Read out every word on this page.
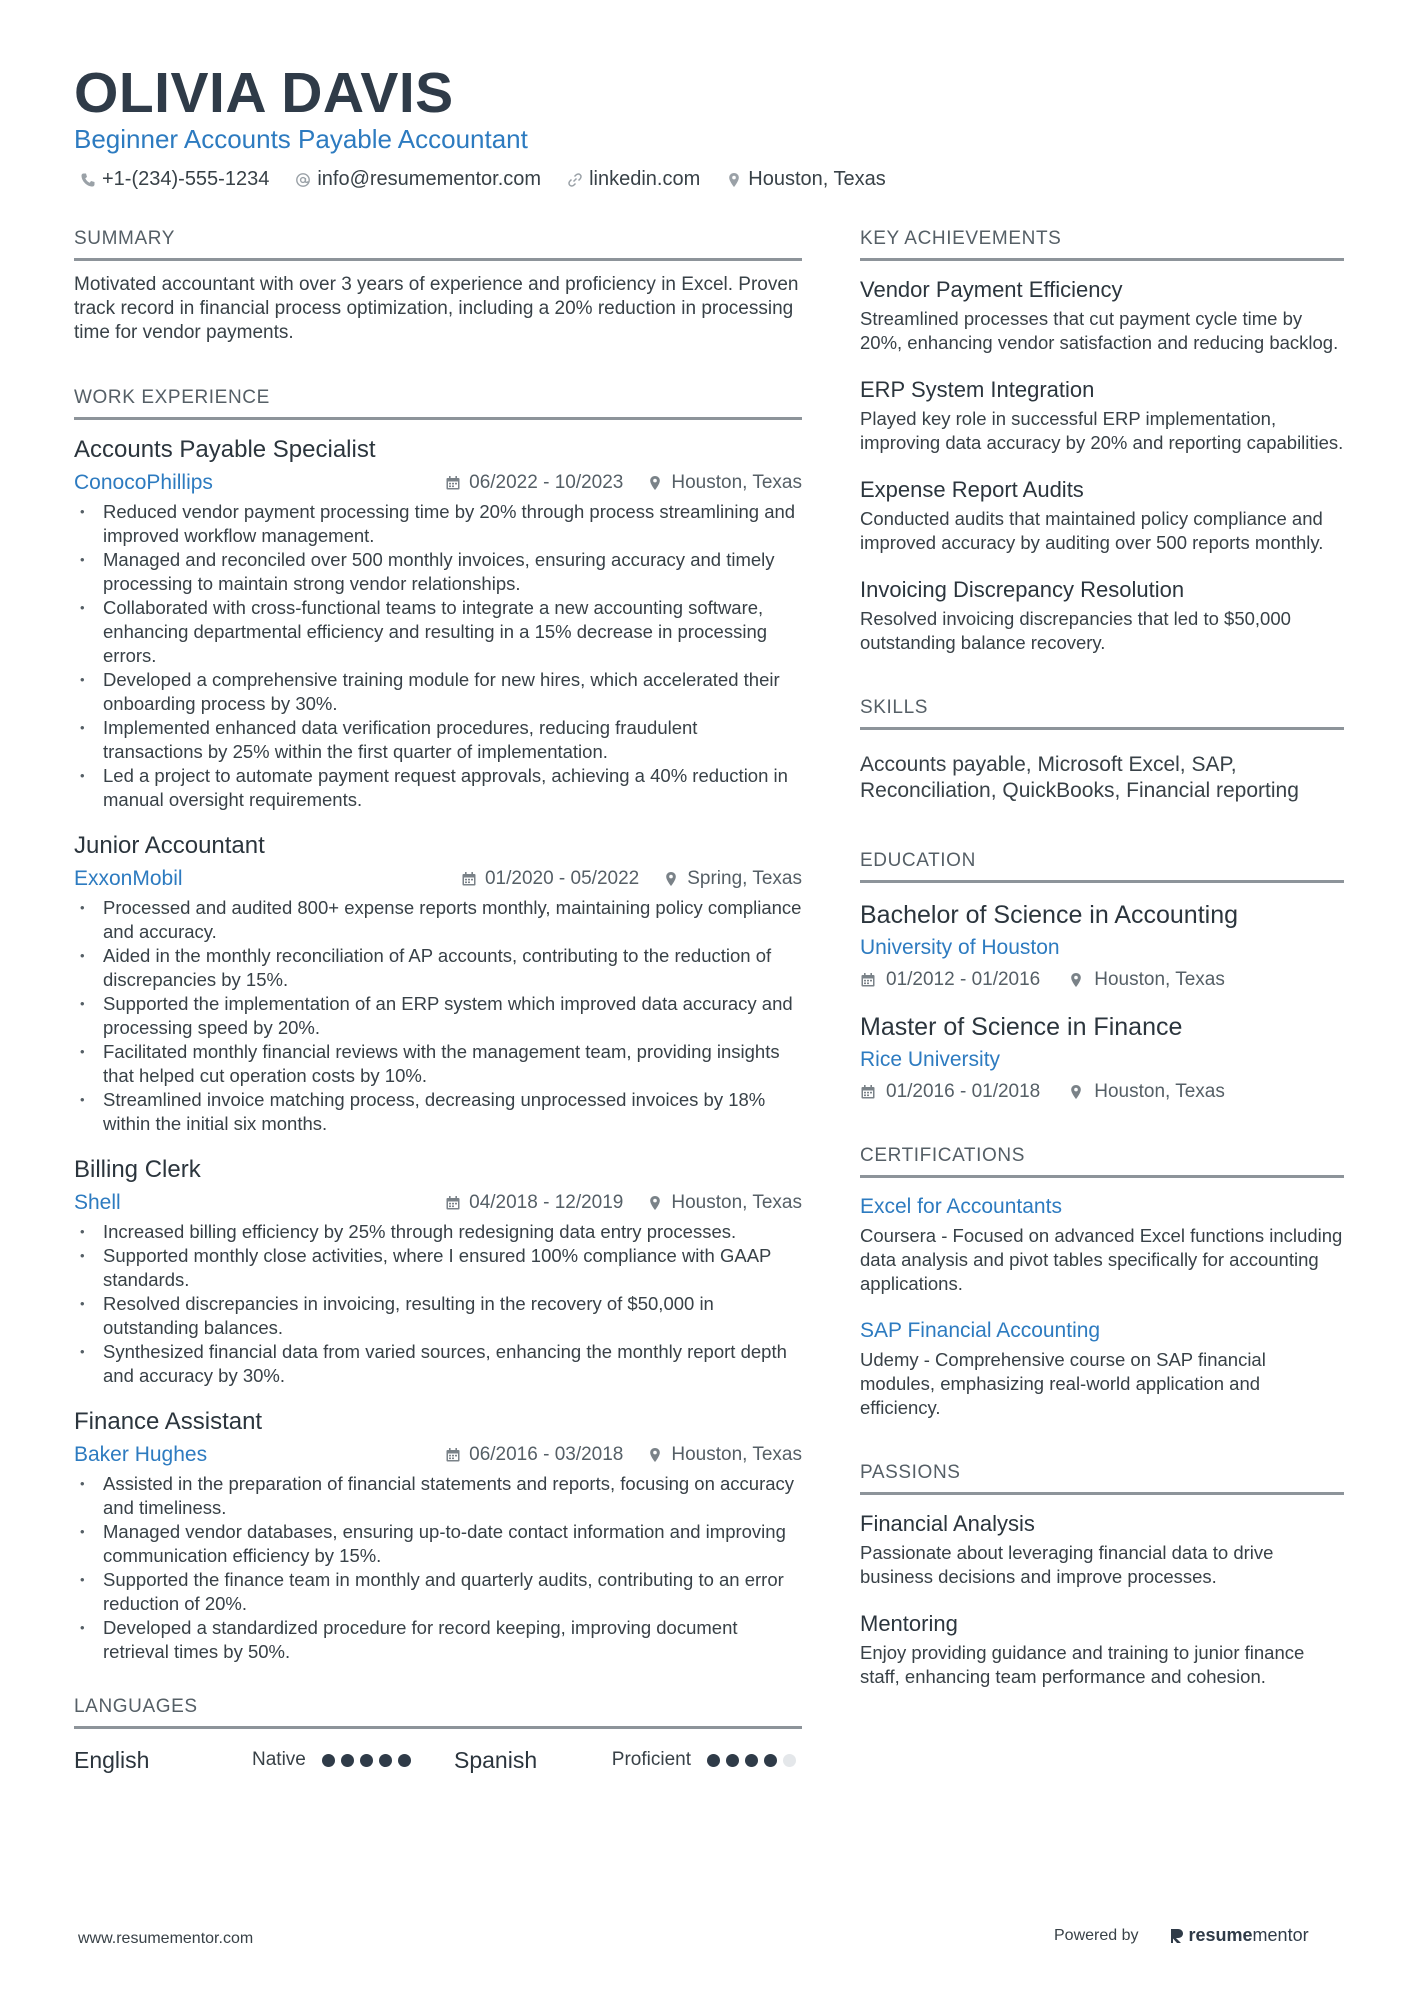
OLIVIA DAVIS
Beginner Accounts Payable Accountant
+1-(234)-555-1234 info@resumementor.com linkedin.com Houston, Texas
SUMMARY
Motivated accountant with over 3 years of experience and proficiency in Excel. Proven track record in financial process optimization, including a 20% reduction in processing time for vendor payments.
WORK EXPERIENCE
Accounts Payable Specialist
ConocoPhillips	06/2022 - 10/2023	Houston, Texas
• Reduced vendor payment processing time by 20% through process streamlining and improved workflow management.
• Managed and reconciled over 500 monthly invoices, ensuring accuracy and timely processing to maintain strong vendor relationships.
• Collaborated with cross-functional teams to integrate a new accounting software, enhancing departmental efficiency and resulting in a 15% decrease in processing errors.
• Developed a comprehensive training module for new hires, which accelerated their onboarding process by 30%.
• Implemented enhanced data verification procedures, reducing fraudulent transactions by 25% within the first quarter of implementation.
• Led a project to automate payment request approvals, achieving a 40% reduction in manual oversight requirements.
Junior Accountant
ExxonMobil	01/2020 - 05/2022	Spring, Texas
• Processed and audited 800+ expense reports monthly, maintaining policy compliance and accuracy.
• Aided in the monthly reconciliation of AP accounts, contributing to the reduction of discrepancies by 15%.
• Supported the implementation of an ERP system which improved data accuracy and processing speed by 20%.
• Facilitated monthly financial reviews with the management team, providing insights that helped cut operation costs by 10%.
• Streamlined invoice matching process, decreasing unprocessed invoices by 18% within the initial six months.
Billing Clerk
Shell	04/2018 - 12/2019	Houston, Texas
• Increased billing efficiency by 25% through redesigning data entry processes.
• Supported monthly close activities, where I ensured 100% compliance with GAAP standards.
• Resolved discrepancies in invoicing, resulting in the recovery of $50,000 in outstanding balances.
• Synthesized financial data from varied sources, enhancing the monthly report depth and accuracy by 30%.
Finance Assistant
Baker Hughes	06/2016 - 03/2018	Houston, Texas
• Assisted in the preparation of financial statements and reports, focusing on accuracy and timeliness.
• Managed vendor databases, ensuring up-to-date contact information and improving communication efficiency by 15%.
• Supported the finance team in monthly and quarterly audits, contributing to an error reduction of 20%.
• Developed a standardized procedure for record keeping, improving document retrieval times by 50%.
LANGUAGES
English	Native	Spanish	Proficient
KEY ACHIEVEMENTS
Vendor Payment Efficiency
Streamlined processes that cut payment cycle time by 20%, enhancing vendor satisfaction and reducing backlog.
ERP System Integration
Played key role in successful ERP implementation, improving data accuracy by 20% and reporting capabilities.
Expense Report Audits
Conducted audits that maintained policy compliance and improved accuracy by auditing over 500 reports monthly.
Invoicing Discrepancy Resolution
Resolved invoicing discrepancies that led to $50,000 outstanding balance recovery.
SKILLS
Accounts payable, Microsoft Excel, SAP, Reconciliation, QuickBooks, Financial reporting
EDUCATION
Bachelor of Science in Accounting
University of Houston
01/2012 - 01/2016	Houston, Texas
Master of Science in Finance
Rice University
01/2016 - 01/2018	Houston, Texas
CERTIFICATIONS
Excel for Accountants
Coursera - Focused on advanced Excel functions including data analysis and pivot tables specifically for accounting applications.
SAP Financial Accounting
Udemy - Comprehensive course on SAP financial modules, emphasizing real-world application and efficiency.
PASSIONS
Financial Analysis
Passionate about leveraging financial data to drive business decisions and improve processes.
Mentoring
Enjoy providing guidance and training to junior finance staff, enhancing team performance and cohesion.
www.resumementor.com	Powered by	resume mentor
